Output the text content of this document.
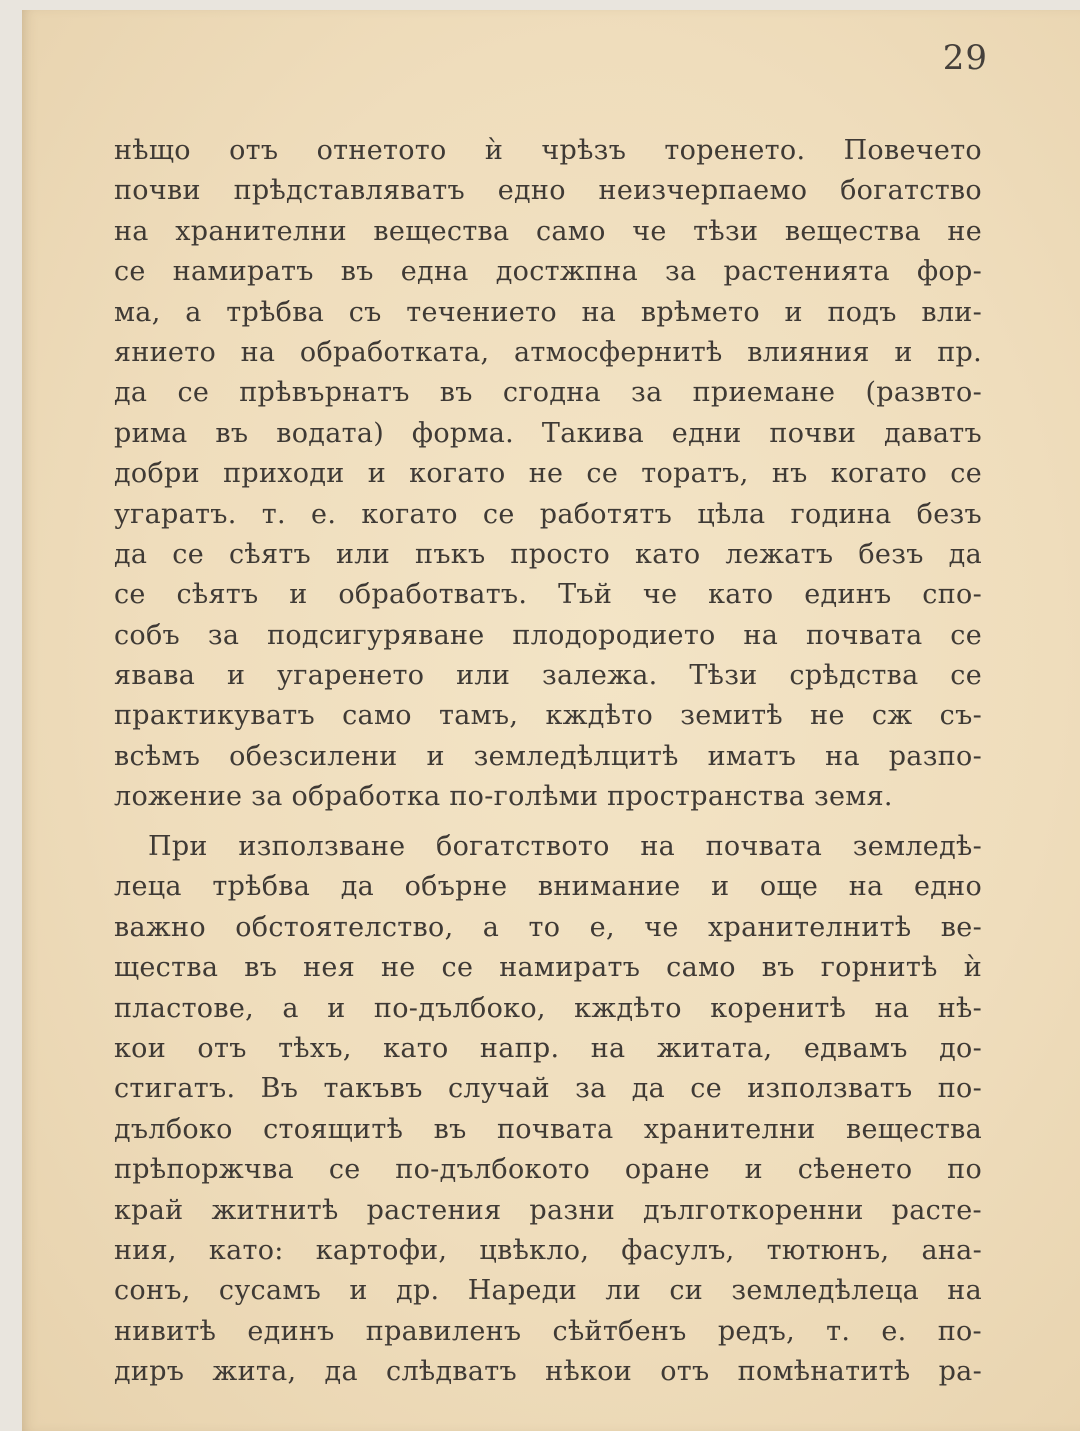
29
нѣщо отъ отнетото ѝ чрѣзъ торенето. Повечето
почви прѣдставляватъ едно неизчерпаемо богатство
на хранителни вещества само че тѣзи вещества не
се намиратъ въ една достжпна за растенията фор-
ма, а трѣбва съ течението на врѣмето и подъ вли-
янието на обработката, атмосфернитѣ влияния и пр.
да се прѣвърнатъ въ сгодна за приемане (развто-
рима въ водата) форма. Такива едни почви даватъ
добри приходи и когато не се торатъ, нъ когато се
угаратъ. т. е. когато се работятъ цѣла година безъ
да се сѣятъ или пъкъ просто като лежатъ безъ да
се сѣятъ и обработватъ. Тъй че като единъ спо-
собъ за подсигуряване плодородието на почвата се
явава и угаренето или залежа. Тѣзи срѣдства се
практикуватъ само тамъ, кждѣто земитѣ не сж съ-
всѣмъ обезсилени и земледѣлцитѣ иматъ на разпо-
ложение за обработка по-голѣми пространства земя.
При използване богатството на почвата земледѣ-
леца трѣбва да обърне внимание и още на едно
важно обстоятелство, а то е, че хранителнитѣ ве-
щества въ нея не се намиратъ само въ горнитѣ ѝ
пластове, а и по-дълбоко, кждѣто коренитѣ на нѣ-
кои отъ тѣхъ, като напр. на житата, едвамъ до-
стигатъ. Въ такъвъ случай за да се използватъ по-
дълбоко стоящитѣ въ почвата хранителни вещества
прѣпоржчва се по-дълбокото оране и сѣенето по
край житнитѣ растения разни дълготкоренни расте-
ния, като: картофи, цвѣкло, фасулъ, тютюнъ, ана-
сонъ, сусамъ и др. Нареди ли си земледѣлеца на
нивитѣ единъ правиленъ сѣйтбенъ редъ, т. е. по-
диръ жита, да слѣдватъ нѣкои отъ помѣнатитѣ ра-
